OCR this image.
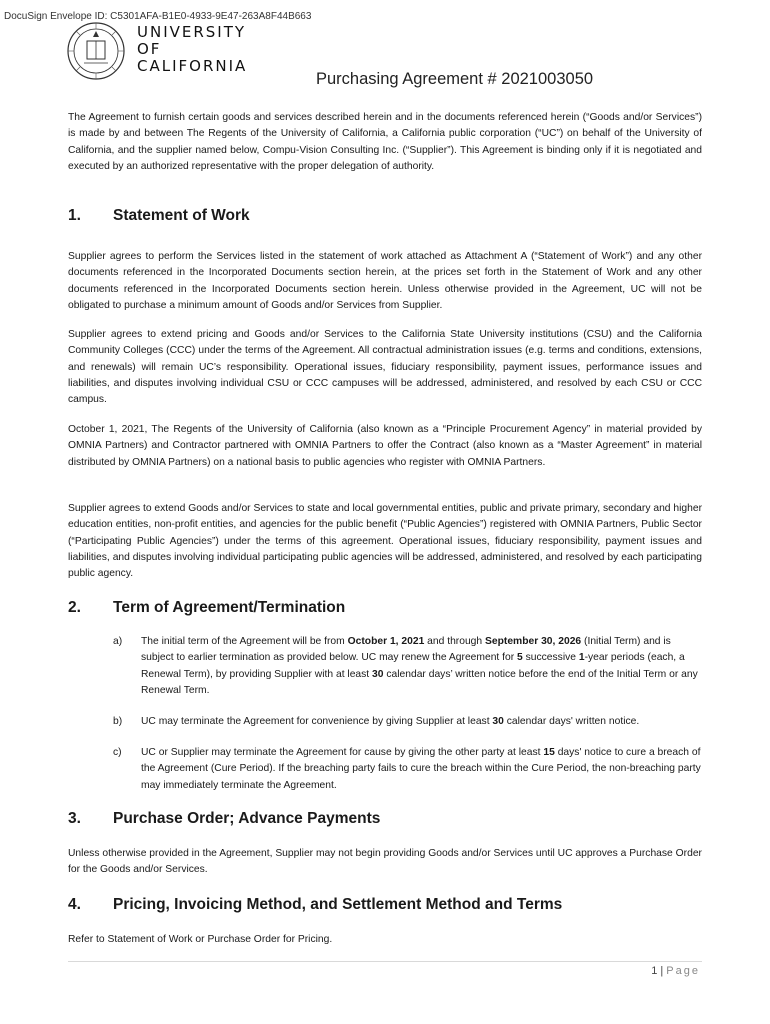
DocuSign Envelope ID: C5301AFA-B1E0-4933-9E47-263A8F44B663
UNIVERSITY
OF
CALIFORNIA
Purchasing Agreement # 2021003050

The Agreement to furnish certain goods and services described herein and in the documents referenced herein (“Goods and/or Services”) is made by and between The Regents of the University of California, a California public corporation (“UC”) on behalf of the University of California, and the supplier named below, Compu-Vision Consulting Inc. (“Supplier”). This Agreement is binding only if it is negotiated and executed by an authorized representative with the proper delegation of authority.

1. Statement of Work

Supplier agrees to perform the Services listed in the statement of work attached as Attachment A (“Statement of Work”) and any other documents referenced in the Incorporated Documents section herein, at the prices set forth in the Statement of Work and any other documents referenced in the Incorporated Documents section herein. Unless otherwise provided in the Agreement, UC will not be obligated to purchase a minimum amount of Goods and/or Services from Supplier.

Supplier agrees to extend pricing and Goods and/or Services to the California State University institutions (CSU) and the California Community Colleges (CCC) under the terms of the Agreement. All contractual administration issues (e.g. terms and conditions, extensions, and renewals) will remain UC’s responsibility. Operational issues, fiduciary responsibility, payment issues, performance issues and liabilities, and disputes involving individual CSU or CCC campuses will be addressed, administered, and resolved by each CSU or CCC campus.

October 1, 2021, The Regents of the University of California (also known as a “Principle Procurement Agency” in material provided by OMNIA Partners) and Contractor partnered with OMNIA Partners to offer the Contract (also known as a “Master Agreement” in material distributed by OMNIA Partners) on a national basis to public agencies who register with OMNIA Partners.

Supplier agrees to extend Goods and/or Services to state and local governmental entities, public and private primary, secondary and higher education entities, non-profit entities, and agencies for the public benefit (“Public Agencies”) registered with OMNIA Partners, Public Sector (“Participating Public Agencies”) under the terms of this agreement. Operational issues, fiduciary responsibility, payment issues and liabilities, and disputes involving individual participating public agencies will be addressed, administered, and resolved by each participating public agency.

2. Term of Agreement/Termination
a) The initial term of the Agreement will be from October 1, 2021 and through September 30, 2026 (Initial Term) and is subject to earlier termination as provided below. UC may renew the Agreement for 5 successive 1-year periods (each, a Renewal Term), by providing Supplier with at least 30 calendar days’ written notice before the end of the Initial Term or any Renewal Term.
b) UC may terminate the Agreement for convenience by giving Supplier at least 30 calendar days' written notice.
c) UC or Supplier may terminate the Agreement for cause by giving the other party at least 15 days' notice to cure a breach of the Agreement (Cure Period). If the breaching party fails to cure the breach within the Cure Period, the non-breaching party may immediately terminate the Agreement.
3. Purchase Order; Advance Payments

Unless otherwise provided in the Agreement, Supplier may not begin providing Goods and/or Services until UC approves a Purchase Order for the Goods and/or Services.

4. Pricing, Invoicing Method, and Settlement Method and Terms

Refer to Statement of Work or Purchase Order for Pricing.

1 | Page
